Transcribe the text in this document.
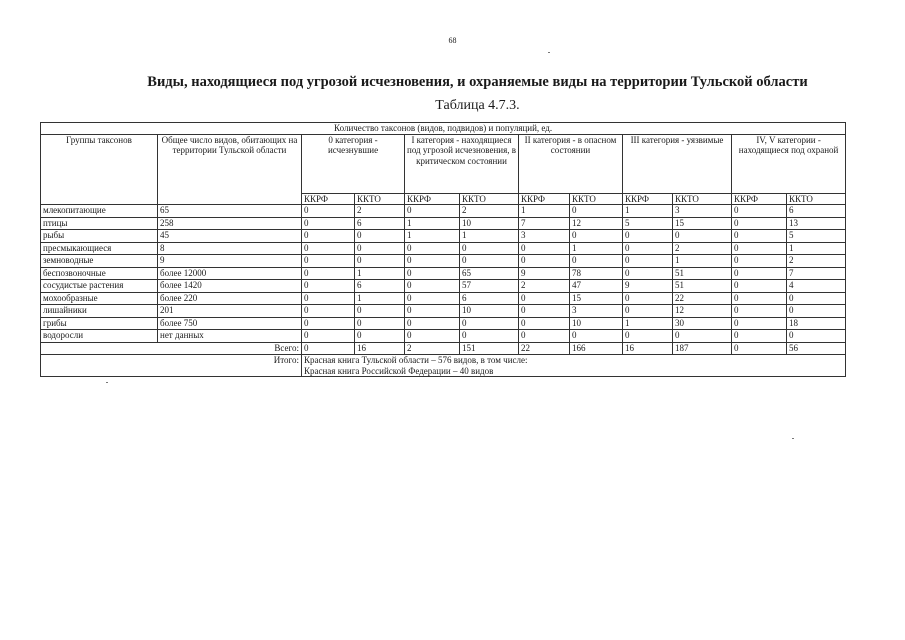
68
Виды, находящиеся под угрозой исчезновения, и охраняемые виды на территории Тульской области
Таблица 4.7.3.
Количество таксонов (видов, подвидов) и популяций, ед.											
Группы таксонов	Общее число видов, обитающих на территории Тульской области	0 категория - исчезнувшие		I категория - находящиеся под угрозой исчезновения, в критическом состоянии		II категория - в опасном состоянии		III категория - уязвимые		IV, V категории - находящиеся под охраной	
		ККРФ	ККТО	ККРФ	ККТО	ККРФ	ККТО	ККРФ	ККТО	ККРФ	ККТО
млекопитающие	65	0	2	0	2	1	0	1	3	0	6
птицы	258	0	6	1	10	7	12	5	15	0	13
рыбы	45	0	0	1	1	3	0	0	0	0	5
пресмыкающиеся	8	0	0	0	0	0	1	0	2	0	1
земноводные	9	0	0	0	0	0	0	0	1	0	2
беспозвоночные	более 12000	0	1	0	65	9	78	0	51	0	7
сосудистые растения	более 1420	0	6	0	57	2	47	9	51	0	4
мохообразные	более 220	0	1	0	6	0	15	0	22	0	0
лишайники	201	0	0	0	10	0	3	0	12	0	0
грибы	более 750	0	0	0	0	0	10	1	30	0	18
водоросли	нет данных	0	0	0	0	0	0	0	0	0	0
Всего:		0	16	2	151	22	166	16	187	0	56
Итого:		Красная книга Тульской области – 576 видов, в том числе:
Красная книга Российской Федерации – 40 видов									
